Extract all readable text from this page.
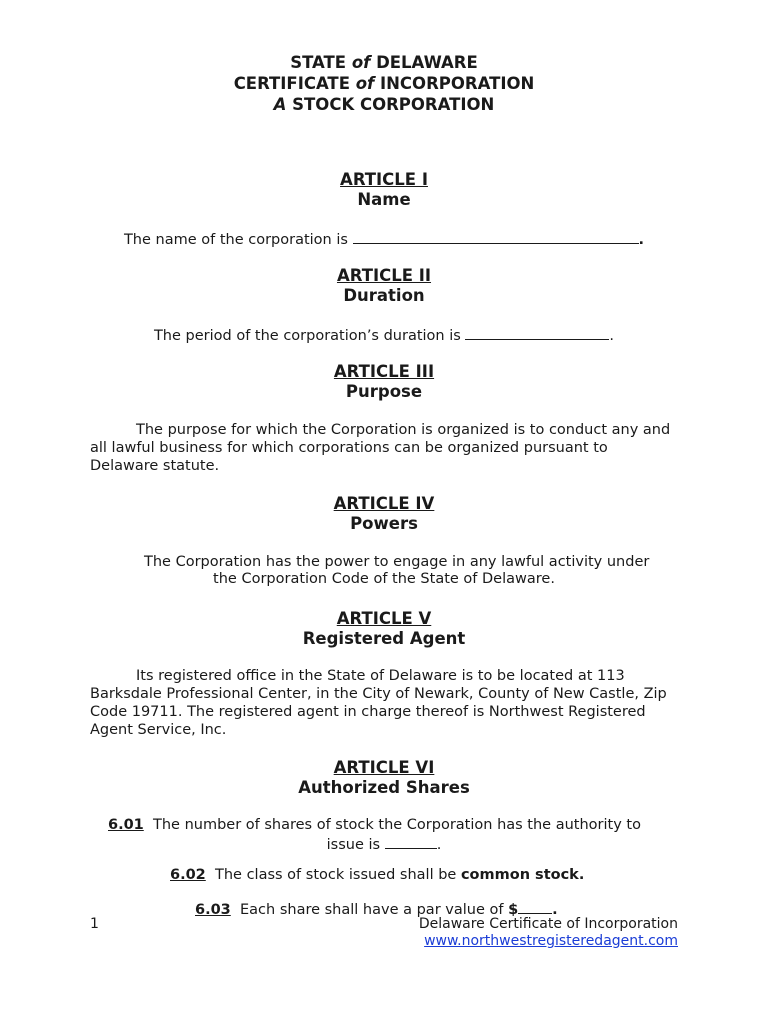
STATE of DELAWARE
CERTIFICATE of INCORPORATION
A STOCK CORPORATION
ARTICLE I
Name
The name of the corporation is	.
ARTICLE II
Duration
The period of the corporation’s duration is	.
ARTICLE III
Purpose
The purpose for which the Corporation is organized is to conduct any and all lawful business for which corporations can be organized pursuant to Delaware statute.
ARTICLE IV
Powers
The Corporation has the power to engage in any lawful activity under
the Corporation Code of the State of Delaware.
ARTICLE V
Registered Agent
Its registered office in the State of Delaware is to be located at 113 Barksdale Professional Center, in the City of Newark, County of New Castle, Zip Code 19711. The registered agent in charge thereof is Northwest Registered Agent Service, Inc.
ARTICLE VI
Authorized Shares
6.01 The number of shares of stock the Corporation has the authority to
issue is	.
6.02 The class of stock issued shall be common stock.
6.03 Each share shall have a par value of $ .
1	Delaware Certificate of Incorporation
www.northwestregisteredagent.com
